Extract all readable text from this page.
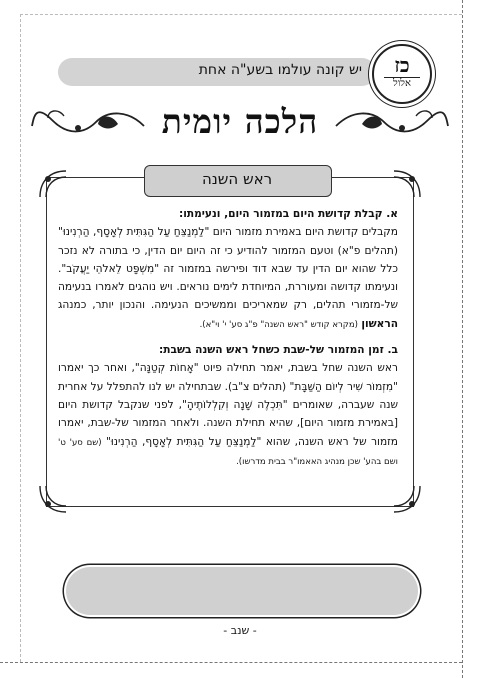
יש קונה עולמו בשע"ה אחת	כז
אלול
הלכה יומית
ראש השנה

א. קבלת קדושת היום במזמור היום, ונעימתו:
מקבלים קדושת היום באמירת מזמור היום "לַמְנַצֵּחַ עַל הַגִּתִּית לְאָסָף, הַרְנִינוּ" (תהלים פ"א) וטעם המזמור להודיע כי זה היום יום הדין, כי בתורה לא נזכר כלל שהוא יום הדין עד שבא דוד ופירשה במזמור זה "מִשְׁפָּט לֵאלֹהֵי יַעֲקֹב". ונעימתו קדושה ומעוררת, המיוחדת לימים נוראים. ויש נוהגים לאמרו בנעימה של-מזמורי תהלים, רק שמאריכים וממשיכים הנעימה. והנכון יותר, כמנהג הראשון (מקרא קודש "ראש השנה" פ"ג סע' י' וי"א).

ב. זמן המזמור של-שבת כשחל ראש השנה בשבת:
ראש השנה שחל בשבת, יאמר תחילה פיוט "אָחוֹת קְטַנָּה", ואחר כך יאמרו "מִזְמוֹר שִׁיר לְיוֹם הַשַּׁבָּת" (תהלים צ"ב). שבתחילה יש לנו להתפלל על אחרית שנה שעברה, שאומרים "תִּכְלֶה שָׁנָה וְקִלְלוֹתֶיהָ", לפני שנקבל קדושת היום [באמירת מזמור היום], שהיא תחילת השנה. ולאחר המזמור של-שבת, יאמרו מזמור של ראש השנה, שהוא "לַמְנַצֵּחַ עַל הַגִּתִּית לְאָסָף, הַרְנִינוּ" (שם סע' ט' ושם בהע' שכן מנהיג האאמו"ר בבית מדרשו).

- שנב -
